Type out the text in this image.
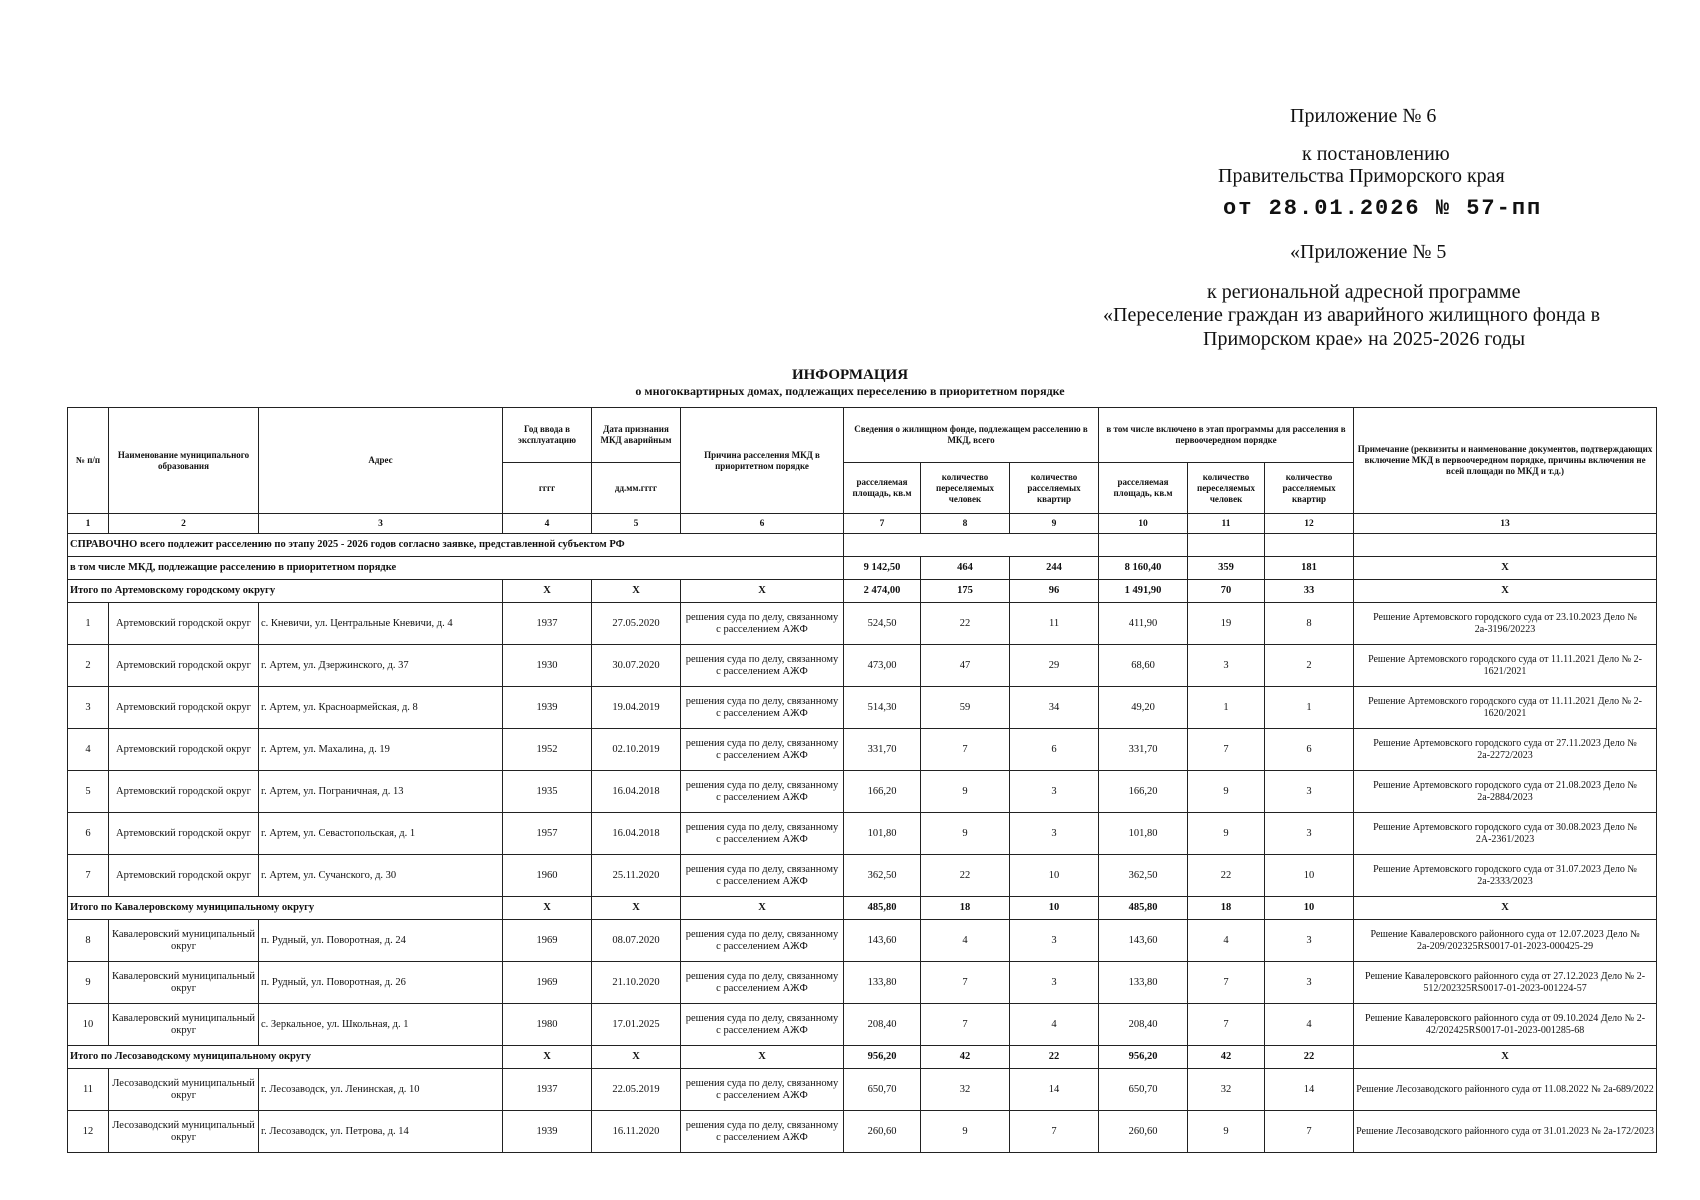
Приложение № 6
к постановлению
Правительства Приморского края
от 28.01.2026 № 57-пп
«Приложение № 5
к региональной адресной программе
«Переселение граждан из аварийного жилищного фонда в
Приморском крае» на 2025-2026 годы
ИНФОРМАЦИЯ
о многоквартирных домах, подлежащих переселению в приоритетном порядке
№ п/п	Наименование муниципального образования	Адрес	Год ввода в эксплуатацию	Дата признания МКД аварийным	Причина расселения МКД в приоритетном порядке	Сведения о жилищном фонде, подлежащем расселению в МКД, всего			в том числе включено в этап программы для расселения в первоочередном порядке			Примечание (реквизиты и наименование документов, подтверждающих включение МКД в первоочередном порядке, причины включения не всей площади по МКД и т.д.)
			гггг	дд.мм.гггг		расселяемая площадь, кв.м	количество переселяемых человек	количество расселяемых квартир	расселяемая площадь, кв.м	количество переселяемых человек	количество расселяемых квартир	
1	2	3	4	5	6	7	8	9	10	11	12	13
СПРАВОЧНО всего подлежит расселению по этапу 2025 - 2026 годов согласно заявке, представленной субъектом РФ												
в том числе МКД, подлежащие расселению в приоритетном порядке						9 142,50	464	244	8 160,40	359	181	X
Итого по Артемовскому городскому округу			X	X	X	2 474,00	175	96	1 491,90	70	33	X
1	Артемовский городской округ	с. Кневичи, ул. Центральные Кневичи, д. 4	1937	27.05.2020	решения суда по делу, связанному с расселением АЖФ	524,50	22	11	411,90	19	8	Решение Артемовского городского суда от 23.10.2023 Дело № 2а-3196/20223
2	Артемовский городской округ	г. Артем, ул. Дзержинского, д. 37	1930	30.07.2020	решения суда по делу, связанному с расселением АЖФ	473,00	47	29	68,60	3	2	Решение Артемовского городского суда от 11.11.2021 Дело № 2-1621/2021
3	Артемовский городской округ	г. Артем, ул. Красноармейская, д. 8	1939	19.04.2019	решения суда по делу, связанному с расселением АЖФ	514,30	59	34	49,20	1	1	Решение Артемовского городского суда от 11.11.2021 Дело № 2-1620/2021
4	Артемовский городской округ	г. Артем, ул. Махалина, д. 19	1952	02.10.2019	решения суда по делу, связанному с расселением АЖФ	331,70	7	6	331,70	7	6	Решение Артемовского городского суда от 27.11.2023 Дело № 2а-2272/2023
5	Артемовский городской округ	г. Артем, ул. Пограничная, д. 13	1935	16.04.2018	решения суда по делу, связанному с расселением АЖФ	166,20	9	3	166,20	9	3	Решение Артемовского городского суда от 21.08.2023 Дело № 2а-2884/2023
6	Артемовский городской округ	г. Артем, ул. Севастопольская, д. 1	1957	16.04.2018	решения суда по делу, связанному с расселением АЖФ	101,80	9	3	101,80	9	3	Решение Артемовского городского суда от 30.08.2023 Дело № 2А-2361/2023
7	Артемовский городской округ	г. Артем, ул. Сучанского, д. 30	1960	25.11.2020	решения суда по делу, связанному с расселением АЖФ	362,50	22	10	362,50	22	10	Решение Артемовского городского суда от 31.07.2023 Дело № 2а-2333/2023
Итого по Кавалеровскому муниципальному округу			X	X	X	485,80	18	10	485,80	18	10	X
8	Кавалеровский муниципальный округ	п. Рудный, ул. Поворотная, д. 24	1969	08.07.2020	решения суда по делу, связанному с расселением АЖФ	143,60	4	3	143,60	4	3	Решение Кавалеровского районного суда от 12.07.2023 Дело № 2а-209/202325RS0017-01-2023-000425-29
9	Кавалеровский муниципальный округ	п. Рудный, ул. Поворотная, д. 26	1969	21.10.2020	решения суда по делу, связанному с расселением АЖФ	133,80	7	3	133,80	7	3	Решение Кавалеровского районного суда от 27.12.2023 Дело № 2-512/202325RS0017-01-2023-001224-57
10	Кавалеровский муниципальный округ	с. Зеркальное, ул. Школьная, д. 1	1980	17.01.2025	решения суда по делу, связанному с расселением АЖФ	208,40	7	4	208,40	7	4	Решение Кавалеровского районного суда от 09.10.2024 Дело № 2-42/202425RS0017-01-2023-001285-68
Итого по Лесозаводскому муниципальному округу			X	X	X	956,20	42	22	956,20	42	22	X
11	Лесозаводский муниципальный округ	г. Лесозаводск, ул. Ленинская, д. 10	1937	22.05.2019	решения суда по делу, связанному с расселением АЖФ	650,70	32	14	650,70	32	14	Решение Лесозаводского районного суда от 11.08.2022 № 2а-689/2022
12	Лесозаводский муниципальный округ	г. Лесозаводск, ул. Петрова, д. 14	1939	16.11.2020	решения суда по делу, связанному с расселением АЖФ	260,60	9	7	260,60	9	7	Решение Лесозаводского районного суда от 31.01.2023 № 2а-172/2023
